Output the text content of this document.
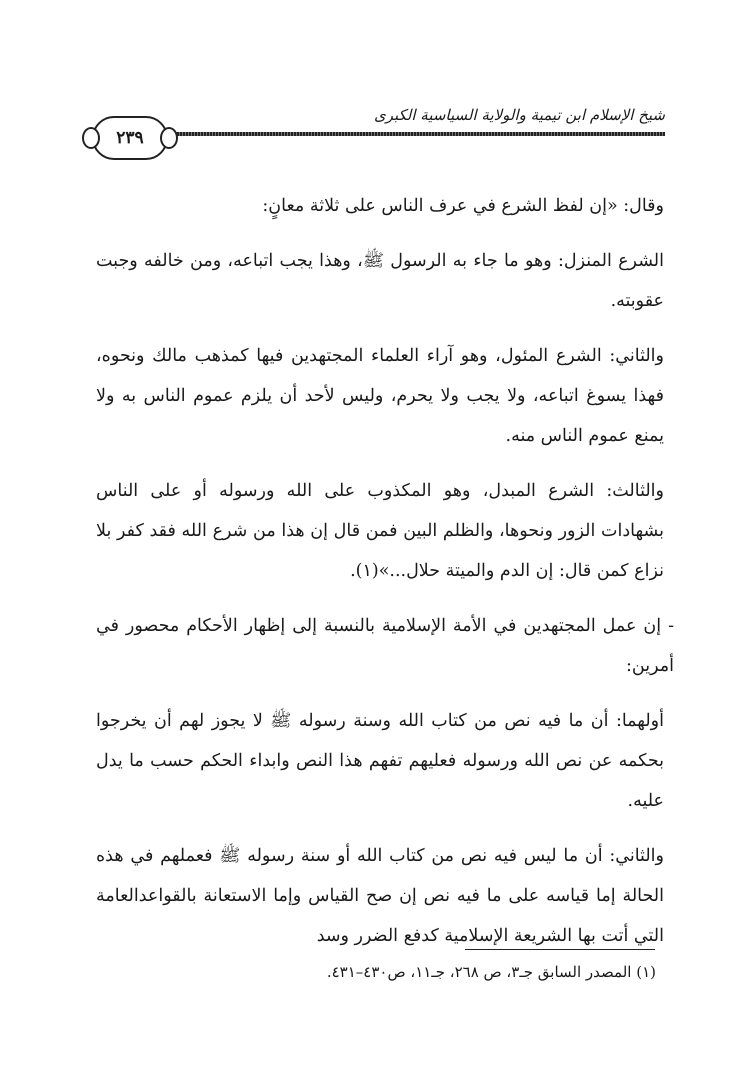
شيخ الإسلام ابن تيمية والولاية السياسية الكبرى
٢٣٩

وقال: «إن لفظ الشرع في عرف الناس على ثلاثة معانٍ:

الشرع المنزل: وهو ما جاء به الرسول ﷺ، وهذا يجب اتباعه، ومن خالفه وجبت عقوبته.

والثاني: الشرع المئول، وهو آراء العلماء المجتهدين فيها كمذهب مالك ونحوه، فهذا يسوغ اتباعه، ولا يجب ولا يحرم، وليس لأحد أن يلزم عموم الناس به ولا يمنع عموم الناس منه.

والثالث: الشرع المبدل، وهو المكذوب على الله ورسوله أو على الناس بشهادات الزور ونحوها، والظلم البين فمن قال إن هذا من شرع الله فقد كفر بلا نزاع كمن قال: إن الدم والميتة حلال...»(١).

- إن عمل المجتهدين في الأمة الإسلامية بالنسبة إلى إظهار الأحكام محصور في أمرين:

أولهما: أن ما فيه نص من كتاب الله وسنة رسوله ﷺ لا يجوز لهم أن يخرجوا بحكمه عن نص الله ورسوله فعليهم تفهم هذا النص وابداء الحكم حسب ما يدل عليه.

والثاني: أن ما ليس فيه نص من كتاب الله أو سنة رسوله ﷺ فعملهم في هذه الحالة إما قياسه على ما فيه نص إن صح القياس وإما الاستعانة بالقواعدالعامة التي أتت بها الشريعة الإسلامية كدفع الضرر وسد

(١) المصدر السابق جـ٣، ص ٢٦٨، جـ١١، ص٤٣٠–٤٣١.
